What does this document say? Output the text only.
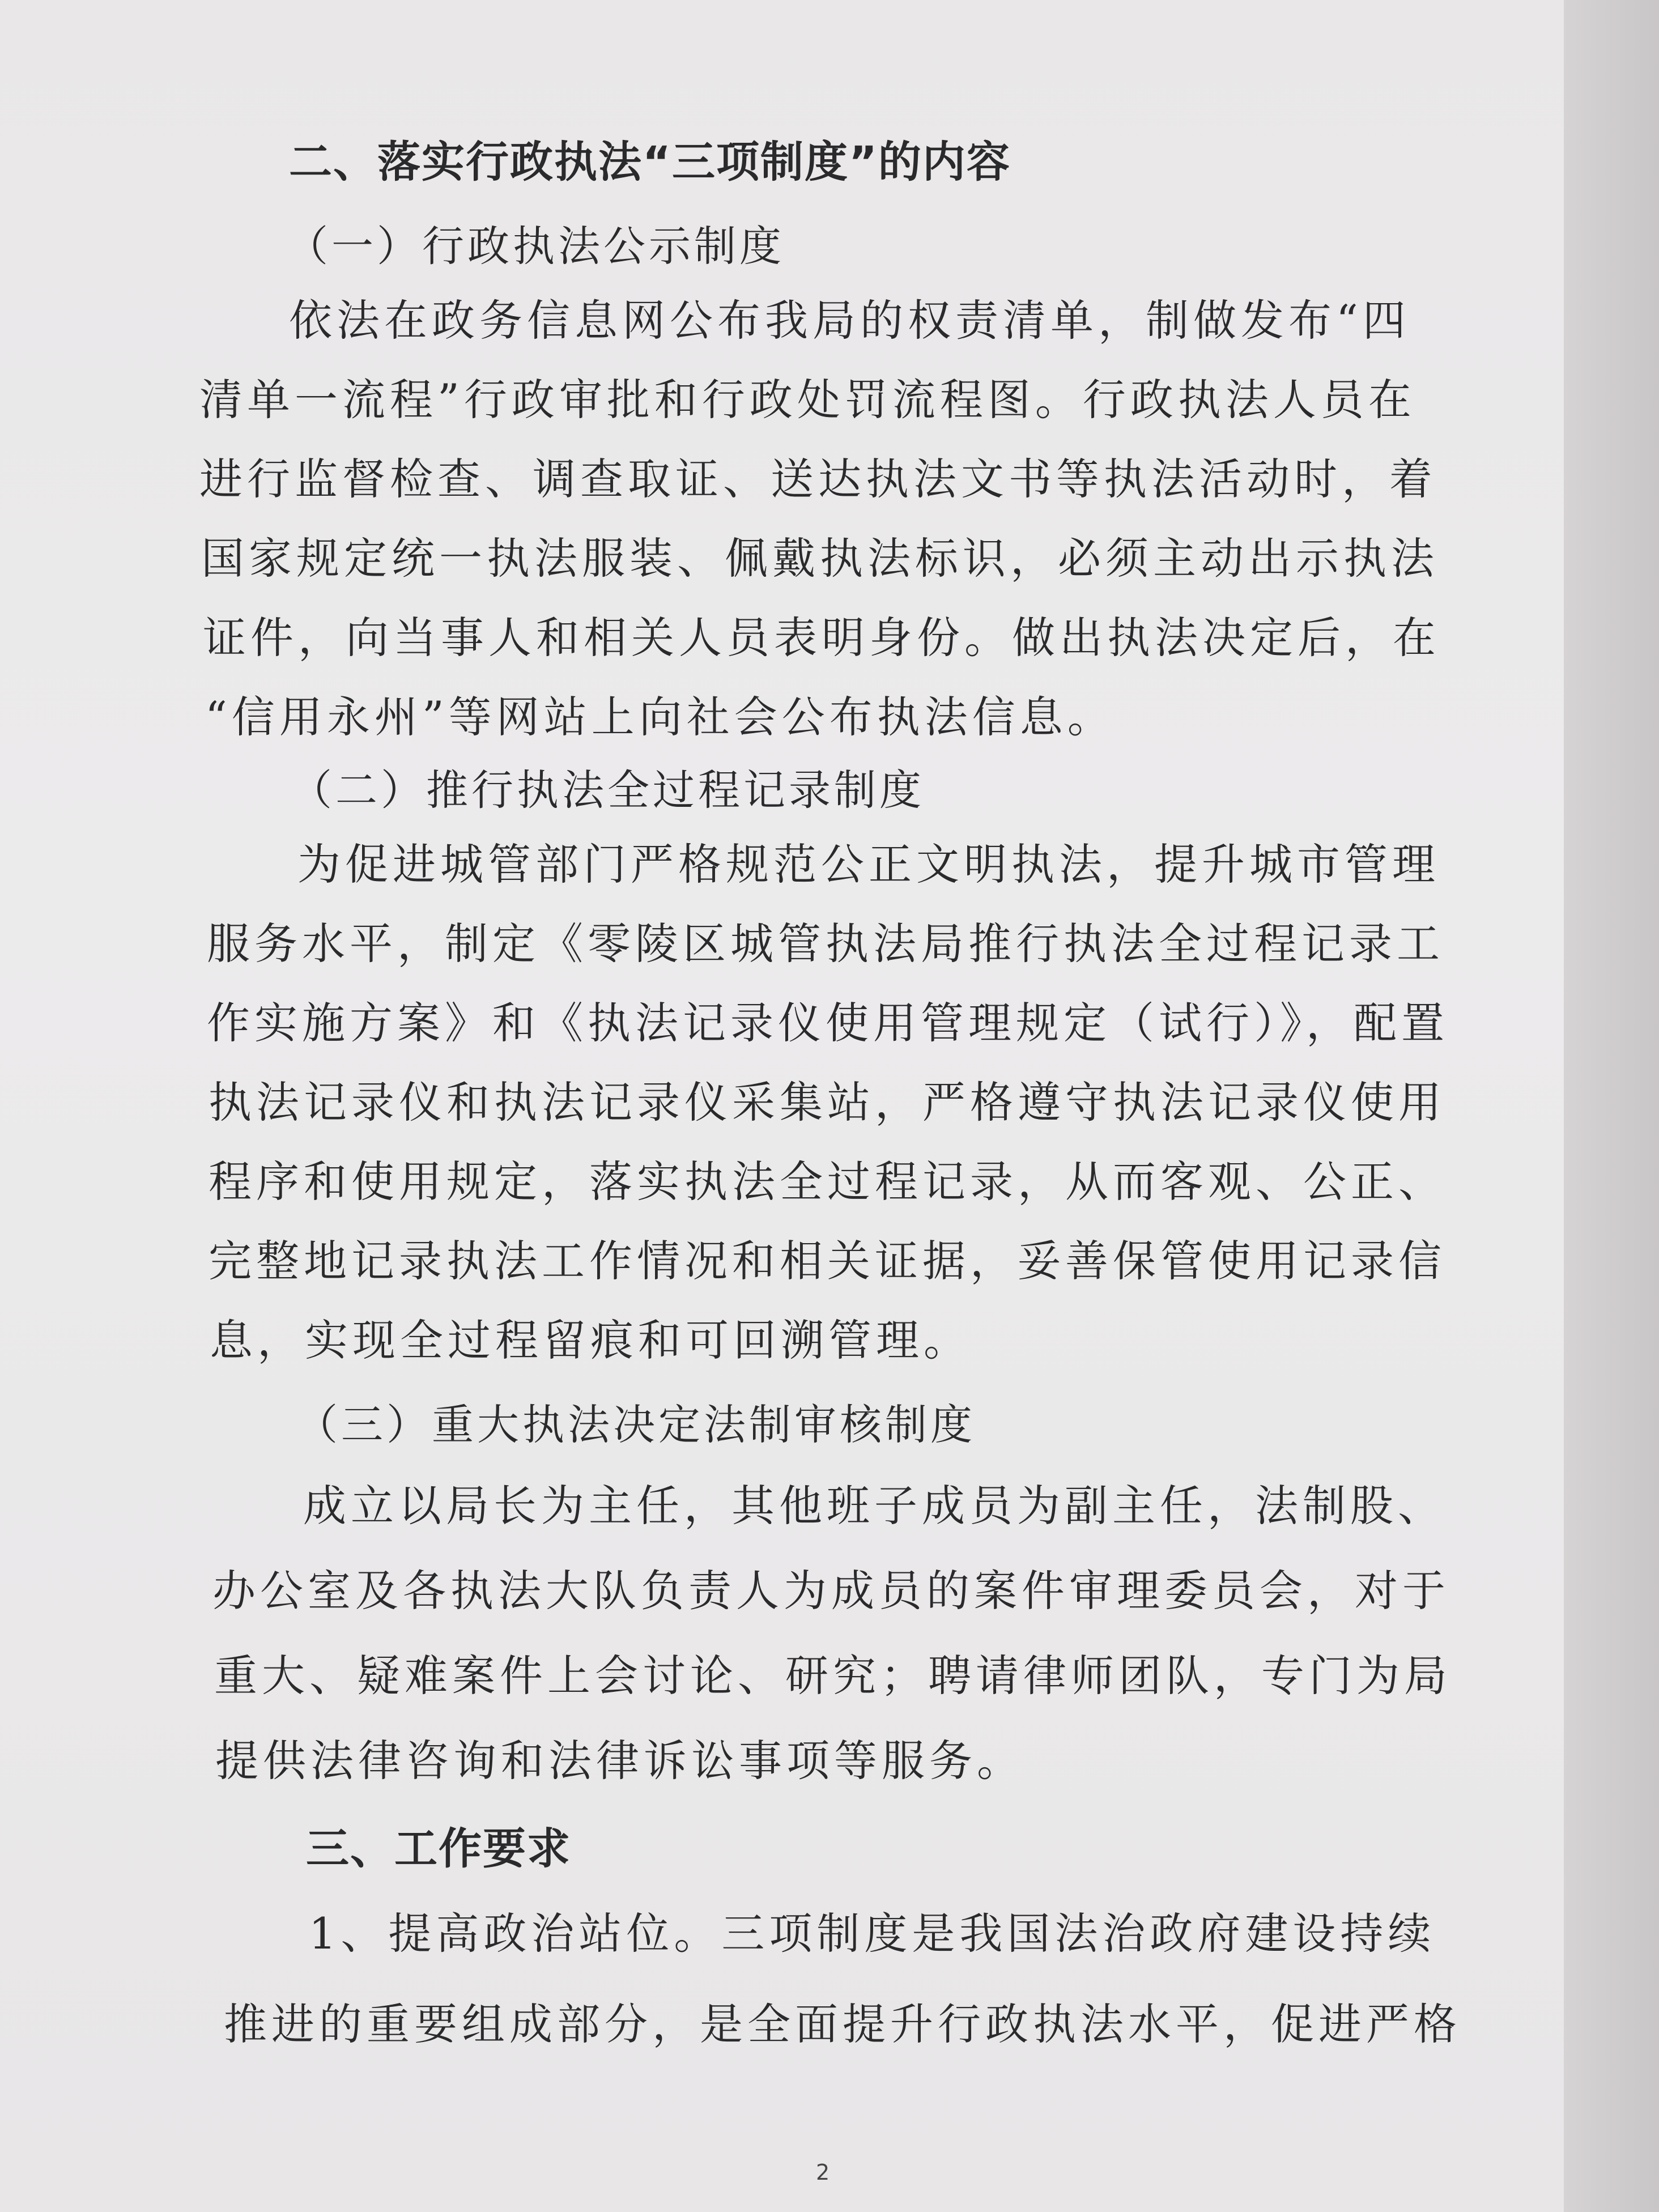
二、落实行政执法“三项制度”的内容
（一）行政执法公示制度
依法在政务信息网公布我局的权责清单，制做发布“四
清单一流程”行政审批和行政处罚流程图。行政执法人员在
进行监督检查、调查取证、送达执法文书等执法活动时，着
国家规定统一执法服装、佩戴执法标识，必须主动出示执法
证件，向当事人和相关人员表明身份。做出执法决定后，在
“信用永州”等网站上向社会公布执法信息。
（二）推行执法全过程记录制度
为促进城管部门严格规范公正文明执法，提升城市管理
服务水平，制定《零陵区城管执法局推行执法全过程记录工
作实施方案》和《执法记录仪使用管理规定（试行）》，配置
执法记录仪和执法记录仪采集站，严格遵守执法记录仪使用
程序和使用规定，落实执法全过程记录，从而客观、公正、
完整地记录执法工作情况和相关证据，妥善保管使用记录信
息，实现全过程留痕和可回溯管理。
（三）重大执法决定法制审核制度
成立以局长为主任，其他班子成员为副主任，法制股、
办公室及各执法大队负责人为成员的案件审理委员会，对于
重大、疑难案件上会讨论、研究；聘请律师团队，专门为局
提供法律咨询和法律诉讼事项等服务。
三、工作要求
1、提高政治站位。三项制度是我国法治政府建设持续
推进的重要组成部分，是全面提升行政执法水平，促进严格
2
